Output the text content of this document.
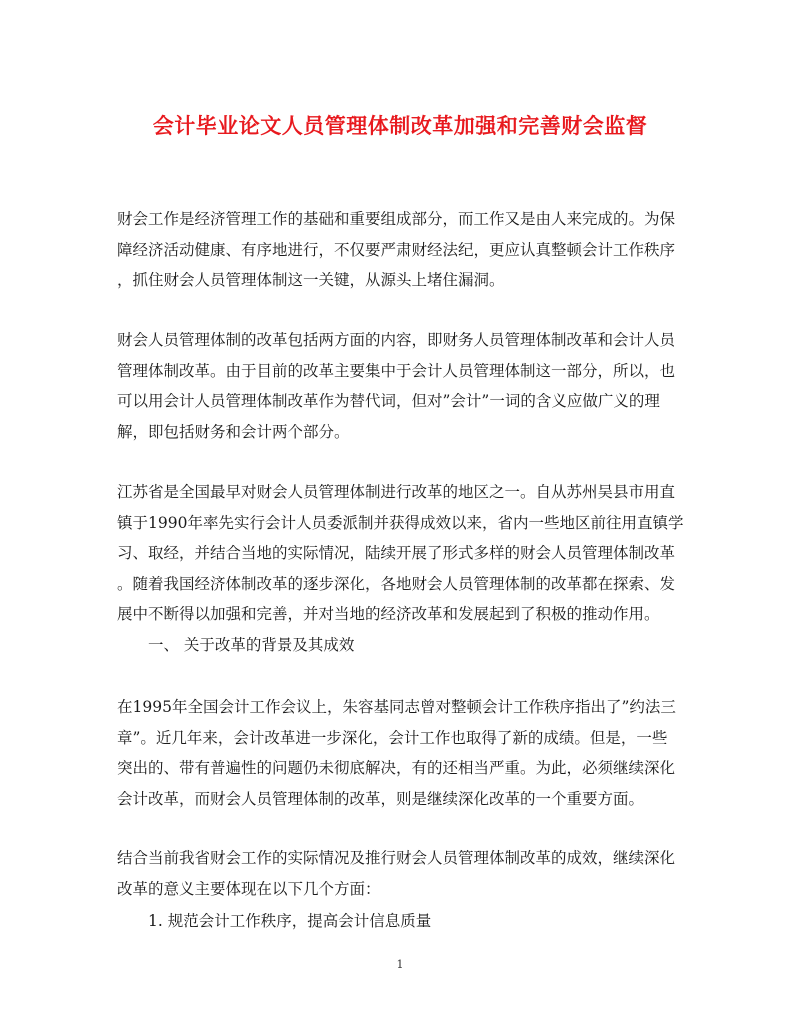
会计毕业论文人员管理体制改革加强和完善财会监督
财会工作是经济管理工作的基础和重要组成部分，而工作又是由人来完成的。为保
障经济活动健康、有序地进行，不仅要严肃财经法纪，更应认真整顿会计工作秩序
，抓住财会人员管理体制这一关键，从源头上堵住漏洞。
财会人员管理体制的改革包括两方面的内容，即财务人员管理体制改革和会计人员
管理体制改革。由于目前的改革主要集中于会计人员管理体制这一部分，所以，也
可以用会计人员管理体制改革作为替代词，但对”会计”一词的含义应做广义的理
解，即包括财务和会计两个部分。
江苏省是全国最早对财会人员管理体制进行改革的地区之一。自从苏州吴县市用直
镇于1990年率先实行会计人员委派制并获得成效以来，省内一些地区前往用直镇学
习、取经，并结合当地的实际情况，陆续开展了形式多样的财会人员管理体制改革
。随着我国经济体制改革的逐步深化，各地财会人员管理体制的改革都在探索、发
展中不断得以加强和完善，并对当地的经济改革和发展起到了积极的推动作用。
一、 关于改革的背景及其成效
在1995年全国会计工作会议上，朱容基同志曾对整顿会计工作秩序指出了”约法三
章”。近几年来，会计改革进一步深化，会计工作也取得了新的成绩。但是，一些
突出的、带有普遍性的问题仍未彻底解决，有的还相当严重。为此，必须继续深化
会计改革，而财会人员管理体制的改革，则是继续深化改革的一个重要方面。
结合当前我省财会工作的实际情况及推行财会人员管理体制改革的成效，继续深化
改革的意义主要体现在以下几个方面：
1. 规范会计工作秩序，提高会计信息质量
1
